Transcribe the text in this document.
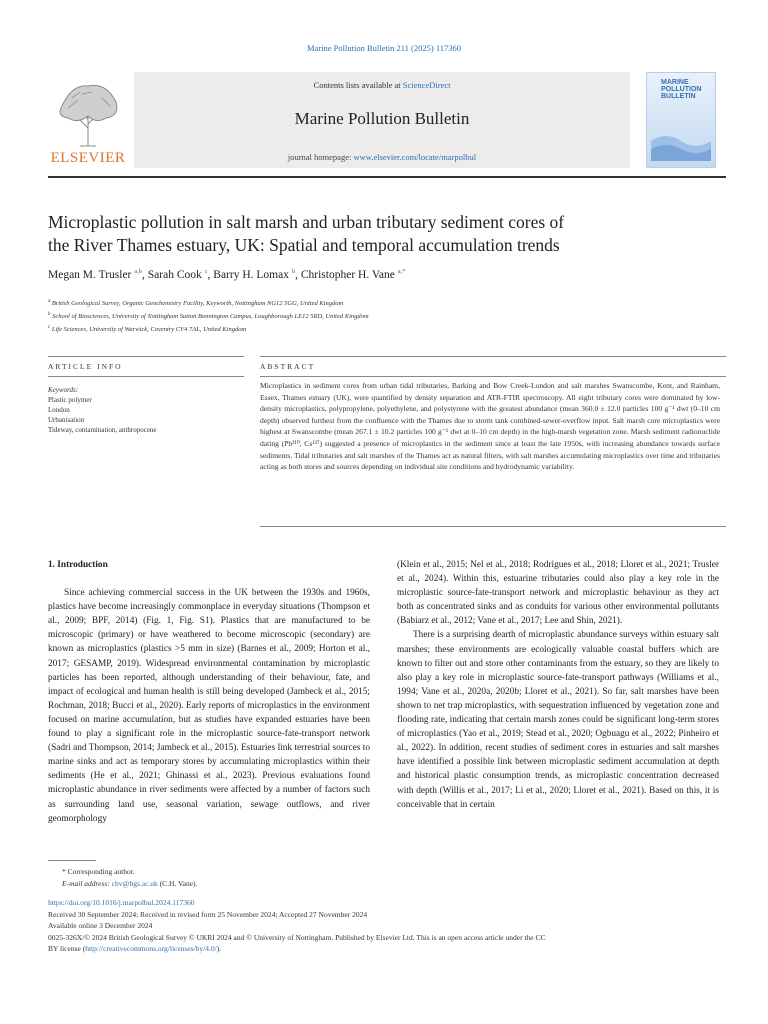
Marine Pollution Bulletin 211 (2025) 117360
ELSEVIER
Contents lists available at ScienceDirect
Marine Pollution Bulletin
journal homepage: www.elsevier.com/locate/marpolbul
MARINE POLLUTION BULLETIN
Microplastic pollution in salt marsh and urban tributary sediment cores of
the River Thames estuary, UK: Spatial and temporal accumulation trends
Megan M. Trusler $^{a,b}$, Sarah Cook $^c$, Barry H. Lomax $^b$, Christopher H. Vane $^{a,*}$
$^a$ British Geological Survey, Organic Geochemistry Facility, Keyworth, Nottingham NG12 5GG, United Kingdom
$^b$ School of Biosciences, University of Nottingham Sutton Bonnington Campus, Loughborough LE12 5RD, United Kingdom
$^c$ Life Sciences, University of Warwick, Coventry CV4 7AL, United Kingdom
ARTICLE INFO	ABSTRACT
Keywords:
Plastic polymer
London
Urbanisation
Tideway, contamination, anthropocene
Microplastics in sediment cores from urban tidal tributaries, Barking and Bow Creek-London and salt marshes Swanscombe, Kent, and Rainham, Essex, Thames estuary (UK), were quantified by density separation and ATR-FTIR spectroscopy. All eight tributary cores were dominated by low-density microplastics, polypropylene, polyethylene, and polystyrene with the greatest abundance (mean 360.0 ± 12.0 particles 100 g⁻¹ dwt (0–10 cm depth) observed furthest from the confluence with the Thames due to storm tank combined-sewer-overflow input. Salt marsh core microplastics were highest at Swanscombe (mean 267.1 ± 10.2 particles 100 g⁻¹ dwt at 0–10 cm depth) in the high-marsh vegetation zone. Marsh sediment radionuclide dating (Pb²¹⁰, Cs¹³⁷) suggested a presence of microplastics in the sediment since at least the late 1950s, with increasing abundance towards surface sediments. Tidal tributaries and salt marshes of the Thames act as natural filters, with salt marshes accumulating microplastics over time and tributaries acting as both stores and sources depending on individual site conditions and hydrodynamic variability.
1. Introduction

Since achieving commercial success in the UK between the 1930s and 1960s, plastics have become increasingly commonplace in everyday situations (Thompson et al., 2009; BPF, 2014) (Fig. 1, Fig. S1). Plastics that are manufactured to be microscopic (primary) or have weathered to become microscopic (secondary) are known as microplastics (plastics >5 mm in size) (Barnes et al., 2009; Horton et al., 2017; GESAMP, 2019). Widespread environmental contamination by microplastic particles has been reported, although understanding of their behaviour, fate, and impact of ecological and human health is still being developed (Jambeck et al., 2015; Rochman, 2018; Bucci et al., 2020). Early reports of microplastics in the environment focused on marine accumulation, but as studies have expanded estuaries have been found to play a significant role in the microplastic source-fate-transport network (Sadri and Thompson, 2014; Jambeck et al., 2015). Estuaries link terrestrial sources to marine sinks and act as temporary stores by accumulating microplastics within their sediments (He et al., 2021; Ghinassi et al., 2023). Previous evaluations found microplastic abundance in river sediments were affected by a number of factors such as surrounding land use, seasonal variation, sewage outflows, and river geomorphology

(Klein et al., 2015; Nel et al., 2018; Rodrigues et al., 2018; Lloret et al., 2021; Trusler et al., 2024). Within this, estuarine tributaries could also play a key role in the microplastic source-fate-transport network and microplastic behaviour as they act both as concentrated sinks and as conduits for various other environmental pollutants (Babiarz et al., 2012; Vane et al., 2017; Lee and Shin, 2021).

There is a surprising dearth of microplastic abundance surveys within estuary salt marshes; these environments are ecologically valuable coastal buffers which are known to filter out and store other contaminants from the estuary, so they are likely to also play a key role in microplastic source-fate-transport pathways (Williams et al., 1994; Vane et al., 2020a, 2020b; Lloret et al., 2021). So far, salt marshes have been shown to net trap microplastics, with sequestration influenced by vegetation zone and flooding rate, indicating that certain marsh zones could be significant long-term stores of microplastics (Yao et al., 2019; Stead et al., 2020; Ogbuagu et al., 2022; Pinheiro et al., 2022). In addition, recent studies of sediment cores in estuaries and salt marshes have identified a possible link between microplastic sediment accumulation at depth and historical plastic consumption trends, as microplastic concentration decreased with depth (Willis et al., 2017; Li et al., 2020; Lloret et al., 2021). Based on this, it is conceivable that in certain

* Corresponding author.
E-mail address: chv@bgs.ac.uk (C.H. Vane).
https://doi.org/10.1016/j.marpolbul.2024.117360
Received 30 September 2024; Received in revised form 25 November 2024; Accepted 27 November 2024
Available online 3 December 2024
0025-326X/© 2024 British Geological Survey © UKRI 2024 and © University of Nottingham. Published by Elsevier Ltd. This is an open access article under the CC
BY license (http://creativecommons.org/licenses/by/4.0/).
